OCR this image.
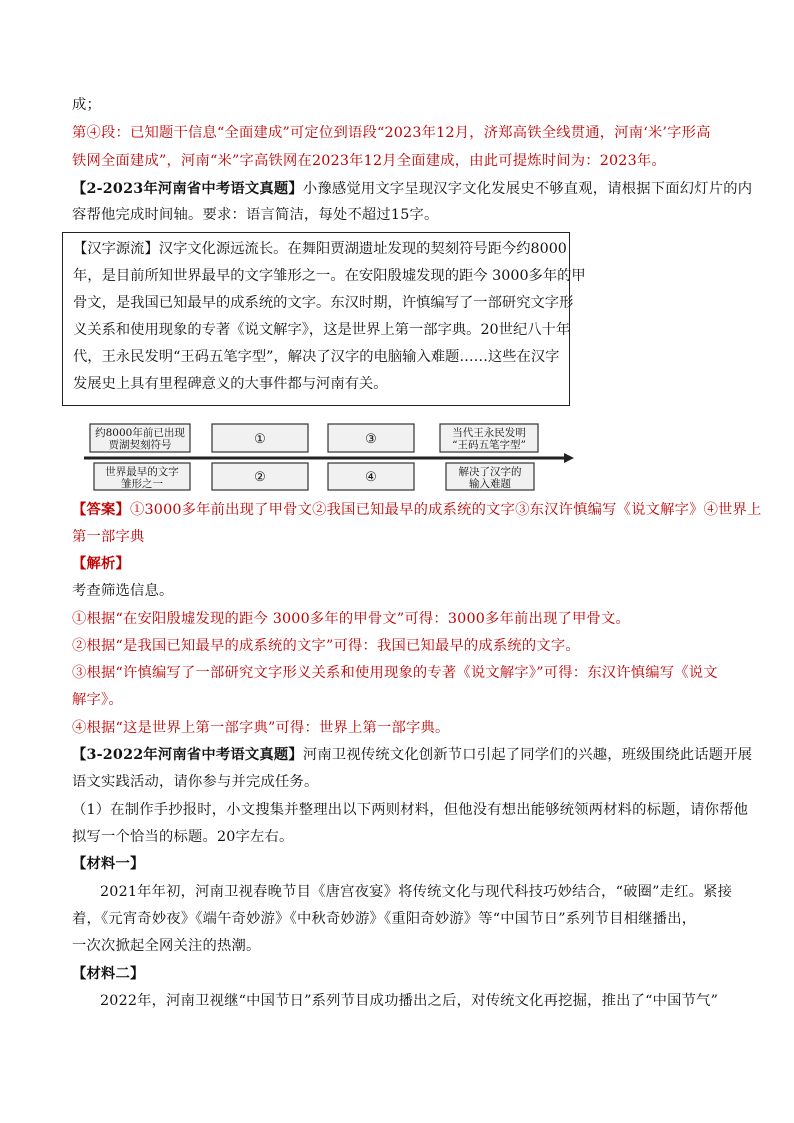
成；
第④段：已知题干信息“全面建成”可定位到语段“2023年12月，济郑高铁全线贯通，河南‘米’字形高
铁网全面建成”，河南“米”字高铁网在2023年12月全面建成，由此可提炼时间为：2023年。
【2-2023年河南省中考语文真题】小豫感觉用文字呈现汉字文化发展史不够直观，请根据下面幻灯片的内
容帮他完成时间轴。要求：语言简洁，每处不超过15字。
【汉字源流】汉字文化源远流长。在舞阳贾湖遗址发现的契刻符号距今约8000
年，是目前所知世界最早的文字雏形之一。在安阳殷墟发现的距今 3000多年的甲
骨文，是我国已知最早的成系统的文字。东汉时期，许慎编写了一部研究文字形
义关系和使用现象的专著《说文解字》，这是世界上第一部字典。20世纪八十年
代，王永民发明“王码五笔字型”，解决了汉字的电脑输入难题……这些在汉字
发展史上具有里程碑意义的大事件都与河南有关。
约8000年前已出现
贾湖契刻符号	①	③	当代王永民发明
“王码五笔字型”
世界最早的文字
雏形之一	②	④	解决了汉字的
输入难题
【答案】①3000多年前出现了甲骨文②我国已知最早的成系统的文字③东汉许慎编写《说文解字》④世界上
第一部字典
【解析】
考查筛选信息。
①根据“在安阳殷墟发现的距今 3000多年的甲骨文”可得：3000多年前出现了甲骨文。
②根据“是我国已知最早的成系统的文字”可得：我国已知最早的成系统的文字。
③根据“许慎编写了一部研究文字形义关系和使用现象的专著《说文解字》”可得：东汉许慎编写《说文
解字》。
④根据“这是世界上第一部字典”可得：世界上第一部字典。
【3-2022年河南省中考语文真题】河南卫视传统文化创新节口引起了同学们的兴趣，班级围绕此话题开展
语文实践活动，请你参与并完成任务。
（1）在制作手抄报时，小文搜集并整理出以下两则材料，但他没有想出能够统领两材料的标题，请你帮他
拟写一个恰当的标题。20字左右。
【材料一】
2021年年初，河南卫视春晚节目《唐宫夜宴》将传统文化与现代科技巧妙结合，“破圈”走红。紧接
着，《元宵奇妙夜》《端午奇妙游》《中秋奇妙游》《重阳奇妙游》等“中国节日”系列节目相继播出，
一次次掀起全网关注的热潮。
【材料二】
2022年，河南卫视继“中国节日”系列节目成功播出之后，对传统文化再挖掘，推出了“中国节气”
